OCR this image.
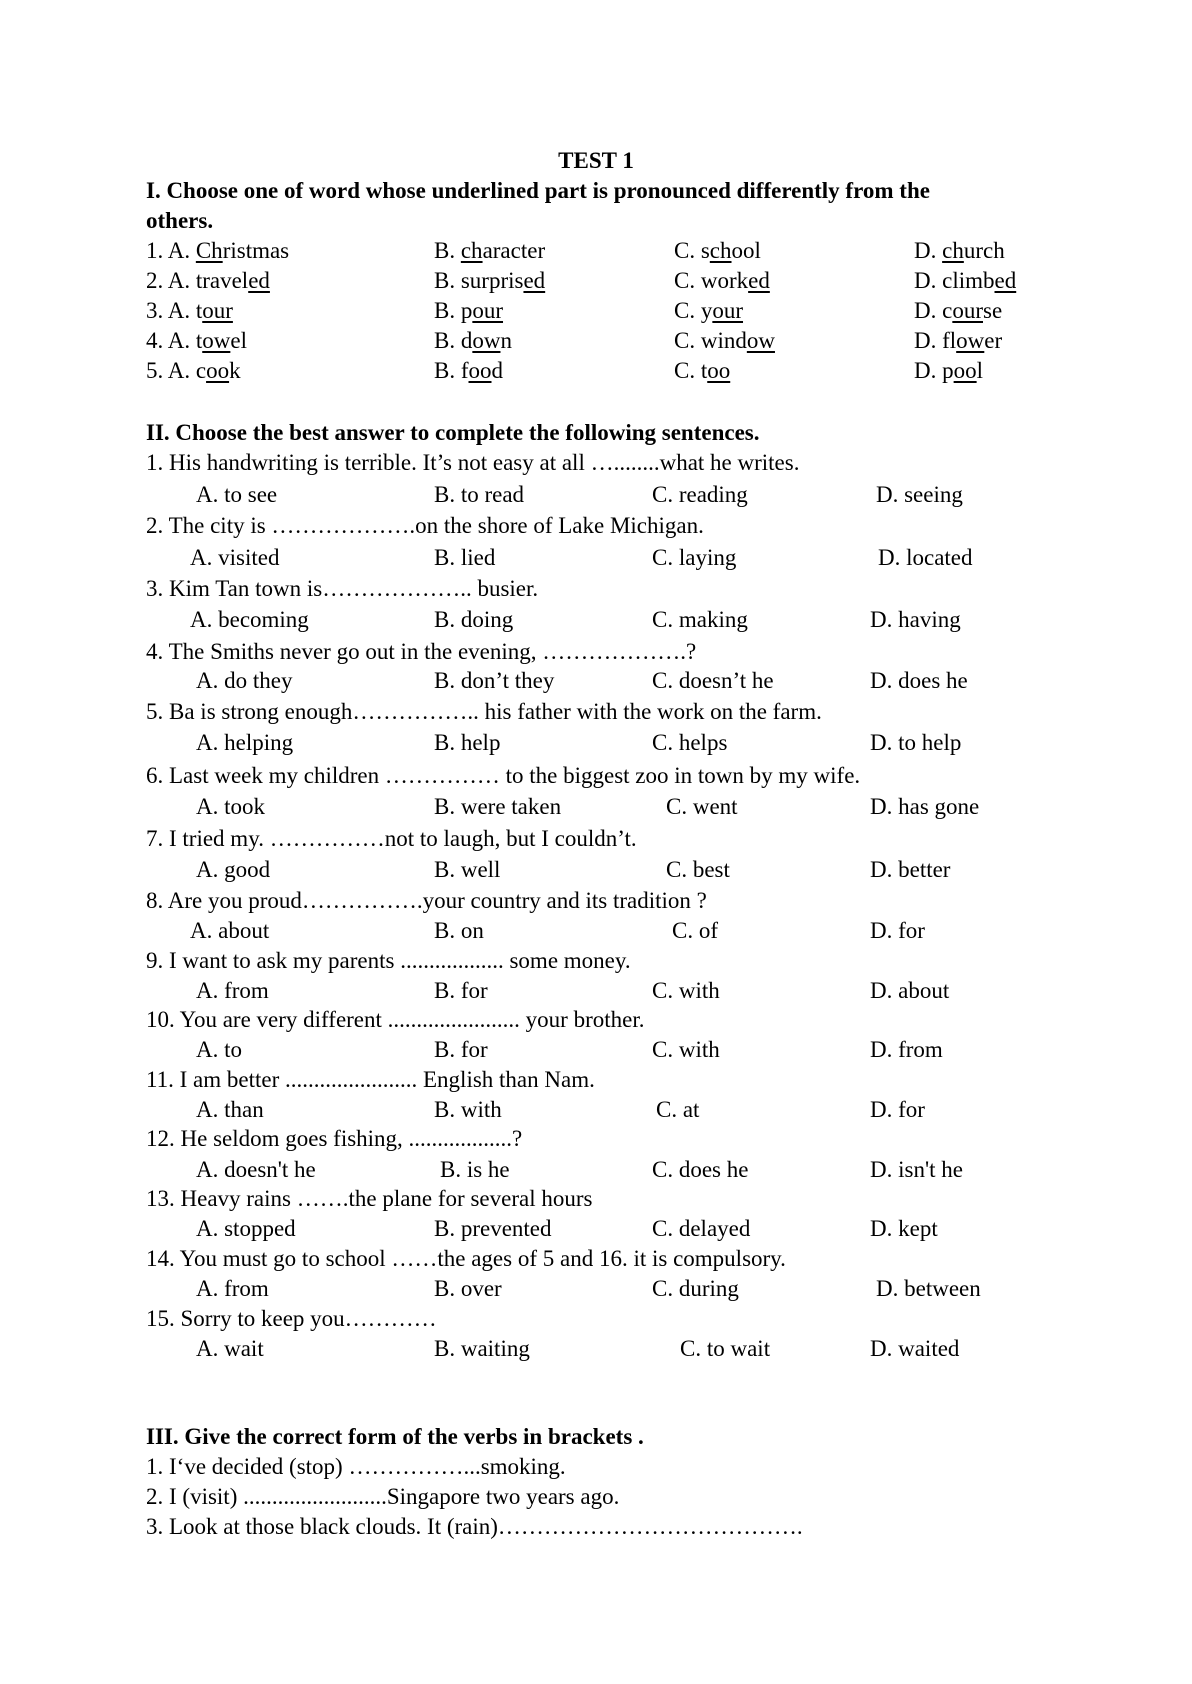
TEST 1
I. Choose one of word whose underlined part is pronounced differently from the
others.
1. A. Christmas	B. character	C. school	D. church
2. A. traveled	B. surprised	C. worked	D. climbed
3. A. tour	B. pour	C. your	D. course
4. A. towel	B. down	C. window	D. flower
5. A. cook	B. food	C. too	D. pool
II. Choose the best answer to complete the following sentences.
1. His handwriting is terrible. It’s not easy at all …........what he writes.
A. to see	B. to read	C. reading	D. seeing
2. The city is ……………….on the shore of Lake Michigan.
A. visited	B. lied	C. laying	D. located
3. Kim Tan town is……………….. busier.
A. becoming	B. doing	C. making	D. having
4. The Smiths never go out in the evening, ……………….?
A. do they	B. don’t they	C. doesn’t he	D. does he
5. Ba is strong enough…………….. his father with the work on the farm.
A. helping	B. help	C. helps	D. to help
6. Last week my children …………… to the biggest zoo in town by my wife.
A. took	B. were taken	C. went	D. has gone
7. I tried my. ……………not to laugh, but I couldn’t.
A. good	B. well	C. best	D. better
8. Are you proud…………….your country and its tradition ?
A. about	B. on	C. of	D. for
9. I want to ask my parents .................. some money.
A. from	B. for	C. with	D. about
10. You are very different ....................... your brother.
A. to	B. for	C. with	D. from
11. I am better ....................... English than Nam.
A. than	B. with	C. at	D. for
12. He seldom goes fishing, ..................?
A. doesn't he	B. is he	C. does he	D. isn't he
13. Heavy rains …….the plane for several hours
A. stopped	B. prevented	C. delayed	D. kept
14. You must go to school ……the ages of 5 and 16. it is compulsory.
A. from	B. over	C. during	D. between
15. Sorry to keep you…………
A. wait	B. waiting	C. to wait	D. waited
III. Give the correct form of the verbs in brackets .
1. I‘ve decided (stop) ……………...smoking.
2. I (visit) .........................Singapore two years ago.
3. Look at those black clouds. It (rain)………………………………….
